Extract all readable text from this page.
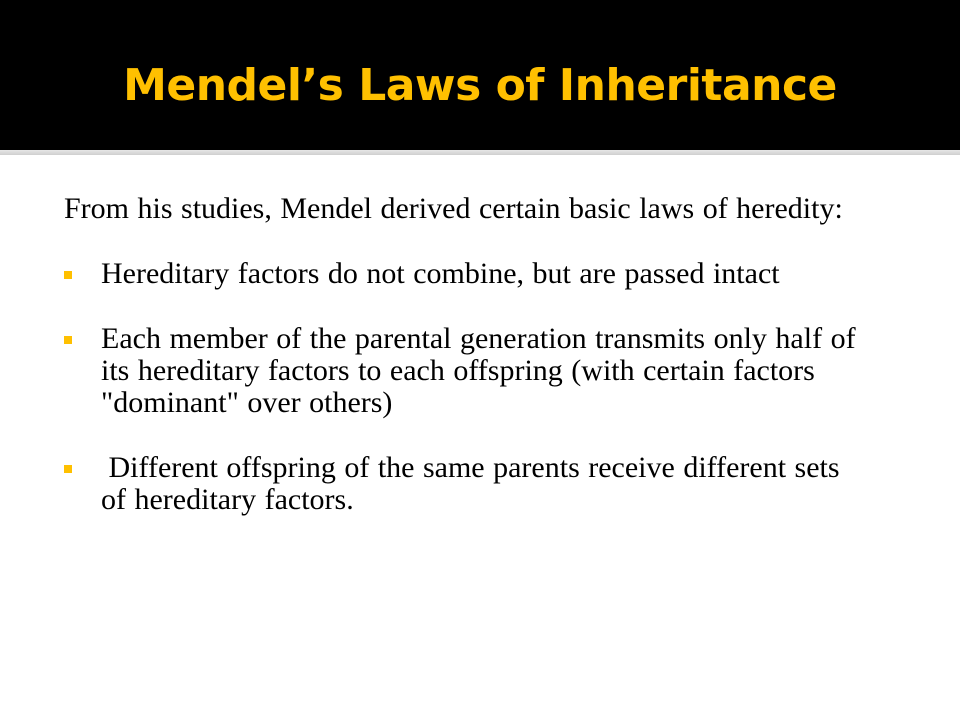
Mendel’s Laws of Inheritance

From his studies, Mendel derived certain basic laws of heredity:

Hereditary factors do not combine, but are passed intact
Each member of the parental generation transmits only half of its hereditary factors to each offspring (with certain factors "dominant" over others)
Different offspring of the same parents receive different sets of hereditary factors.
